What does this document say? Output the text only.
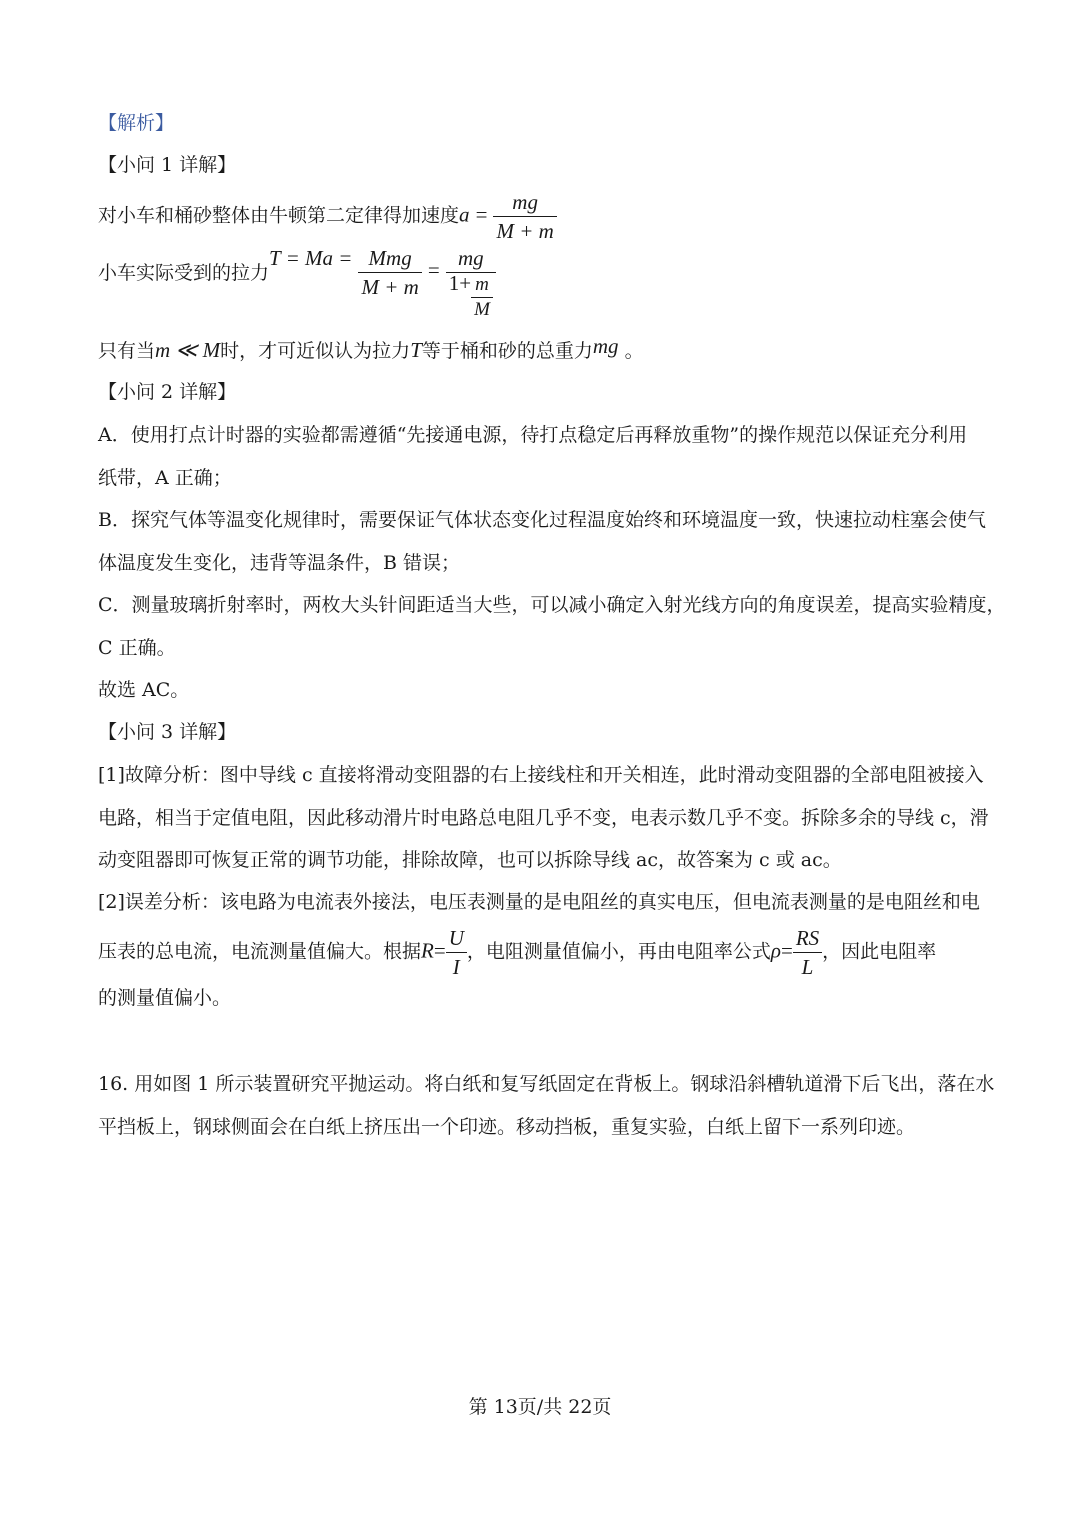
【解析】
【小问 1 详解】
对小车和桶砂整体由牛顿第二定律得加速度$a = \frac{mg}{M + m}$
小车实际受到的拉力$T = Ma = \frac{\text{Mmg}}{M + m} = \frac{mg}{1+ \frac{m}{M}}$
只有当m ≪ M时，才可近似认为拉力T等于桶和砂的总重力mg 。
【小问 2 详解】
A．使用打点计时器的实验都需遵循“先接通电源，待打点稳定后再释放重物”的操作规范以保证充分利用
纸带，A 正确；
B．探究气体等温变化规律时，需要保证气体状态变化过程温度始终和环境温度一致，快速拉动柱塞会使气
体温度发生变化，违背等温条件，B 错误；
C．测量玻璃折射率时，两枚大头针间距适当大些，可以减小确定入射光线方向的角度误差，提高实验精度，
C 正确。
故选 AC。
【小问 3 详解】
[1]故障分析：图中导线 c 直接将滑动变阻器的右上接线柱和开关相连，此时滑动变阻器的全部电阻被接入
电路，相当于定值电阻，因此移动滑片时电路总电阻几乎不变，电表示数几乎不变。拆除多余的导线 c，滑
动变阻器即可恢复正常的调节功能，排除故障，也可以拆除导线 ac，故答案为 c 或 ac。
[2]误差分析：该电路为电流表外接法，电压表测量的是电阻丝的真实电压，但电流表测量的是电阻丝和电
压表的总电流，电流测量值偏大。根据$R= \frac{U}{I}$ ，电阻测量值偏小，再由电阻率公式$\rho= \frac{RS}{L}$ ，因此电阻率
的测量值偏小。
16. 用如图 1 所示装置研究平抛运动。将白纸和复写纸固定在背板上。钢球沿斜槽轨道滑下后飞出，落在水
平挡板上，钢球侧面会在白纸上挤压出一个印迹。移动挡板，重复实验，白纸上留下一系列印迹。
第 13页/共 22页
